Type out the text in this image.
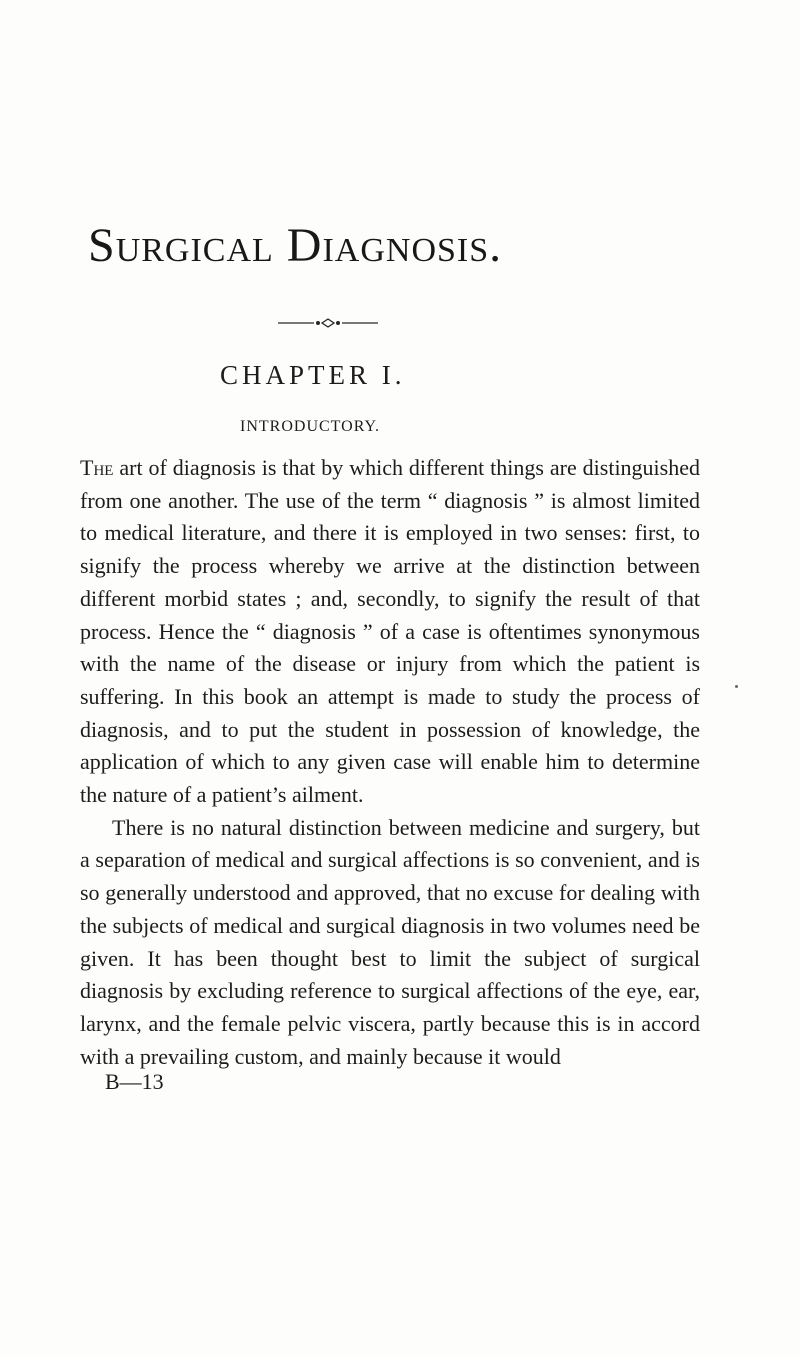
Surgical Diagnosis.
CHAPTER I.
INTRODUCTORY.

The art of diagnosis is that by which different things are distinguished from one another. The use of the term “ diagnosis ” is almost limited to medical literature, and there it is employed in two senses: first, to signify the process whereby we arrive at the distinction between different morbid states ; and, secondly, to signify the result of that process. Hence the “ diagnosis ” of a case is oftentimes synonymous with the name of the disease or injury from which the patient is suffering. In this book an attempt is made to study the process of diagnosis, and to put the student in possession of knowledge, the application of which to any given case will enable him to determine the nature of a patient’s ailment.

There is no natural distinction between medicine and surgery, but a separation of medical and surgical affections is so convenient, and is so generally understood and approved, that no excuse for dealing with the subjects of medical and surgical diagnosis in two volumes need be given. It has been thought best to limit the subject of surgical diagnosis by excluding reference to surgical affections of the eye, ear, larynx, and the female pelvic viscera, partly because this is in accord with a prevailing custom, and mainly because it would

B—13
